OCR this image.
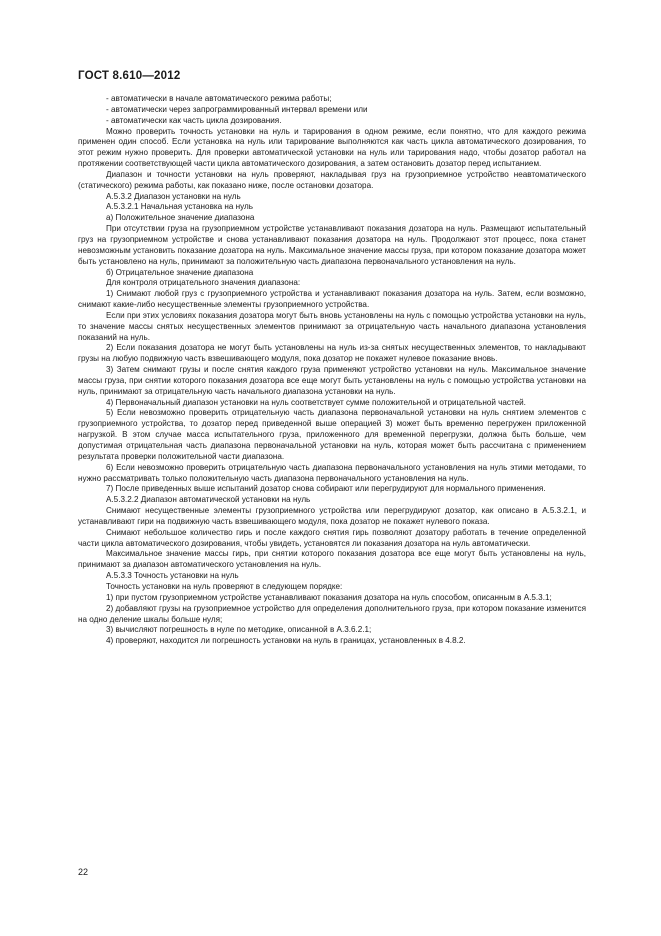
ГОСТ 8.610—2012

- автоматически в начале автоматического режима работы;

- автоматически через запрограммированный интервал времени или

- автоматически как часть цикла дозирования.

Можно проверить точность установки на нуль и тарирования в одном режиме, если понятно, что для каждого режима применен один способ. Если установка на нуль или тарирование выполняются как часть цикла автоматического дозирования, то этот режим нужно проверить. Для проверки автоматической установки на нуль или тарирования надо, чтобы дозатор работал на протяжении соответствующей части цикла автоматического дозирования, а затем остановить дозатор перед испытанием.

Диапазон и точности установки на нуль проверяют, накладывая груз на грузоприемное устройство неавтоматического (статического) режима работы, как показано ниже, после остановки дозатора.

А.5.3.2 Диапазон установки на нуль

А.5.3.2.1 Начальная установка на нуль

а) Положительное значение диапазона

При отсутствии груза на грузоприемном устройстве устанавливают показания дозатора на нуль. Размещают испытательный груз на грузоприемном устройстве и снова устанавливают показания дозатора на нуль. Продолжают этот процесс, пока станет невозможным установить показание дозатора на нуль. Максимальное значение массы груза, при котором показание дозатора может быть установлено на нуль, принимают за положительную часть диапазона первоначального установления на нуль.

б) Отрицательное значение диапазона

Для контроля отрицательного значения диапазона:

1) Снимают любой груз с грузоприемного устройства и устанавливают показания дозатора на нуль. Затем, если возможно, снимают какие-либо несущественные элементы грузоприемного устройства.

Если при этих условиях показания дозатора могут быть вновь установлены на нуль с помощью устройства установки на нуль, то значение массы снятых несущественных элементов принимают за отрицательную часть начального диапазона установления показаний на нуль.

2) Если показания дозатора не могут быть установлены на нуль из-за снятых несущественных элементов, то накладывают грузы на любую подвижную часть взвешивающего модуля, пока дозатор не покажет нулевое показание вновь.

3) Затем снимают грузы и после снятия каждого груза применяют устройство установки на нуль. Максимальное значение массы груза, при снятии которого показания дозатора все еще могут быть установлены на нуль с помощью устройства установки на нуль, принимают за отрицательную часть начального диапазона установки на нуль.

4) Первоначальный диапазон установки на нуль соответствует сумме положительной и отрицательной частей.

5) Если невозможно проверить отрицательную часть диапазона первоначальной установки на нуль снятием элементов с грузоприемного устройства, то дозатор перед приведенной выше операцией 3) может быть временно перегружен приложенной нагрузкой. В этом случае масса испытательного груза, приложенного для временной перегрузки, должна быть больше, чем допустимая отрицательная часть диапазона первоначальной установки на нуль, которая может быть рассчитана с применением результата проверки положительной части диапазона.

6) Если невозможно проверить отрицательную часть диапазона первоначального установления на нуль этими методами, то нужно рассматривать только положительную часть диапазона первоначального установления на нуль.

7) После приведенных выше испытаний дозатор снова собирают или перегрудируют для нормального применения.

А.5.3.2.2 Диапазон автоматической установки на нуль

Снимают несущественные элементы грузоприемного устройства или перегрудируют дозатор, как описано в А.5.3.2.1, и устанавливают гири на подвижную часть взвешивающего модуля, пока дозатор не покажет нулевого показа.

Снимают небольшое количество гирь и после каждого снятия гирь позволяют дозатору работать в течение определенной части цикла автоматического дозирования, чтобы увидеть, установятся ли показания дозатора на нуль автоматически.

Максимальное значение массы гирь, при снятии которого показания дозатора все еще могут быть установлены на нуль, принимают за диапазон автоматического установления на нуль.

А.5.3.3 Точность установки на нуль

Точность установки на нуль проверяют в следующем порядке:

1) при пустом грузоприемном устройстве устанавливают показания дозатора на нуль способом, описанным в А.5.3.1;

2) добавляют грузы на грузоприемное устройство для определения дополнительного груза, при котором показание изменится на одно деление шкалы больше нуля;

3) вычисляют погрешность в нуле по методике, описанной в А.3.6.2.1;

4) проверяют, находится ли погрешность установки на нуль в границах, установленных в 4.8.2.

22
